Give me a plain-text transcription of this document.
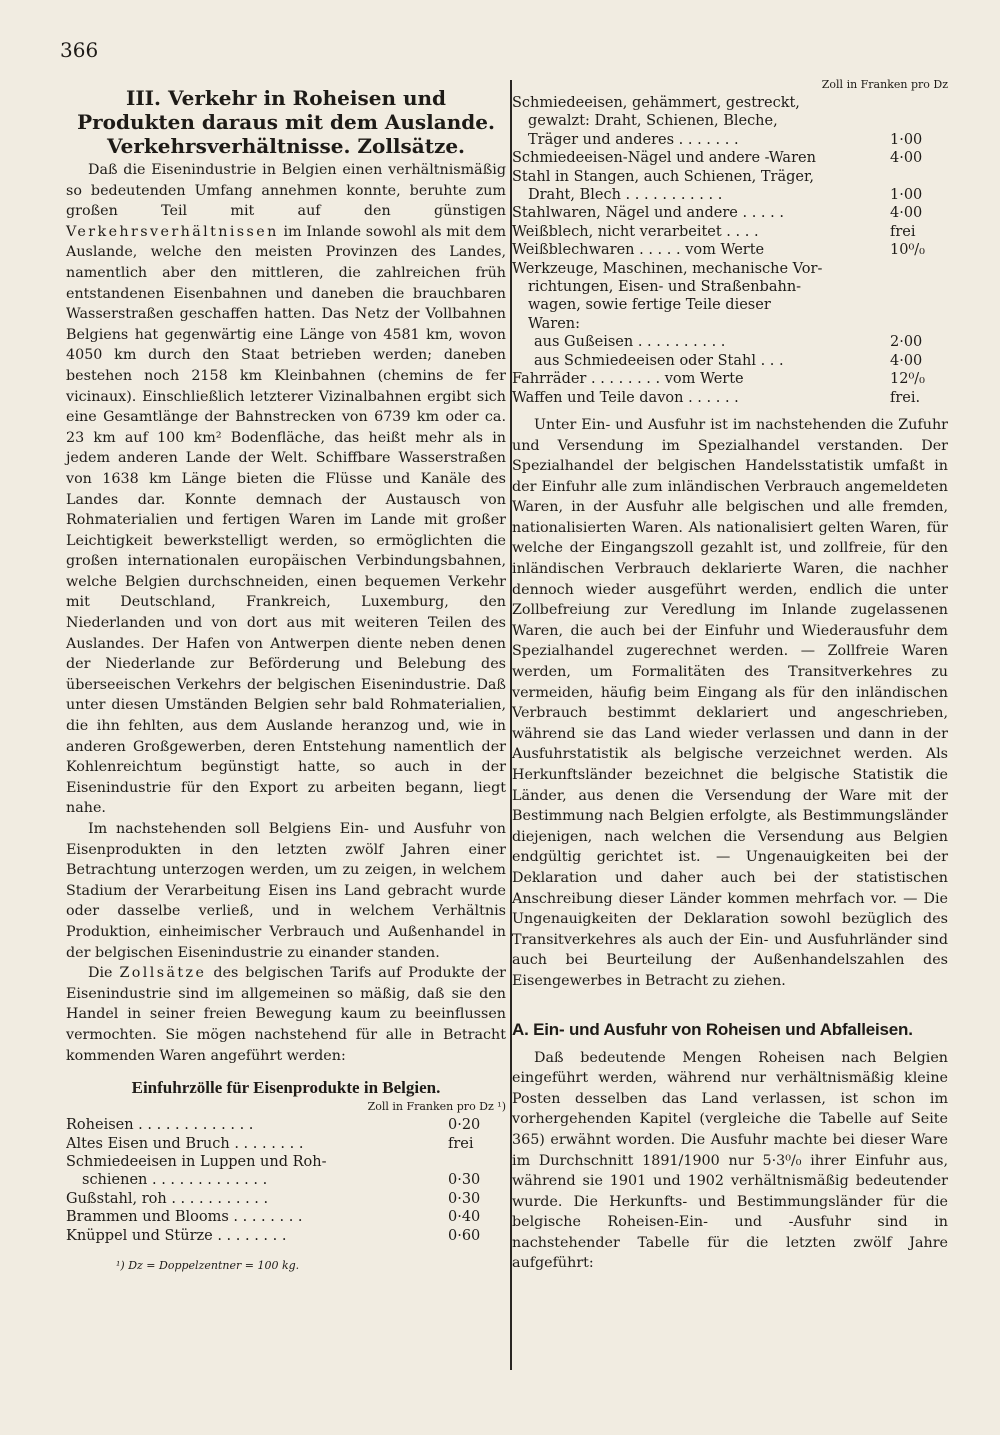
366
III. Verkehr in Roheisen und Produkten daraus mit dem Auslande. Verkehrsverhältnisse. Zollsätze.

Daß die Eisenindustrie in Belgien einen verhältnismäßig so bedeutenden Umfang annehmen konnte, beruhte zum großen Teil mit auf den günstigen Verkehrsverhältnissen im Inlande sowohl als mit dem Auslande, welche den meisten Provinzen des Landes, namentlich aber den mittleren, die zahlreichen früh entstandenen Eisenbahnen und daneben die brauchbaren Wasserstraßen geschaffen hatten. Das Netz der Vollbahnen Belgiens hat gegenwärtig eine Länge von 4581 km, wovon 4050 km durch den Staat betrieben werden; daneben bestehen noch 2158 km Kleinbahnen (chemins de fer vicinaux). Einschließlich letzterer Vizinalbahnen ergibt sich eine Gesamtlänge der Bahnstrecken von 6739 km oder ca. 23 km auf 100 km² Bodenfläche, das heißt mehr als in jedem anderen Lande der Welt. Schiffbare Wasserstraßen von 1638 km Länge bieten die Flüsse und Kanäle des Landes dar. Konnte demnach der Austausch von Rohmaterialien und fertigen Waren im Lande mit großer Leichtigkeit bewerkstelligt werden, so ermöglichten die großen internationalen europäischen Verbindungsbahnen, welche Belgien durchschneiden, einen bequemen Verkehr mit Deutschland, Frankreich, Luxemburg, den Niederlanden und von dort aus mit weiteren Teilen des Auslandes. Der Hafen von Antwerpen diente neben denen der Niederlande zur Beförderung und Belebung des überseeischen Verkehrs der belgischen Eisenindustrie. Daß unter diesen Umständen Belgien sehr bald Rohmaterialien, die ihn fehlten, aus dem Auslande heranzog und, wie in anderen Großgewerben, deren Entstehung namentlich der Kohlenreichtum begünstigt hatte, so auch in der Eisenindustrie für den Export zu arbeiten begann, liegt nahe.

Im nachstehenden soll Belgiens Ein- und Ausfuhr von Eisenprodukten in den letzten zwölf Jahren einer Betrachtung unterzogen werden, um zu zeigen, in welchem Stadium der Verarbeitung Eisen ins Land gebracht wurde oder dasselbe verließ, und in welchem Verhältnis Produktion, einheimischer Verbrauch und Außenhandel in der belgischen Eisenindustrie zu einander standen.

Die Zollsätze des belgischen Tarifs auf Produkte der Eisenindustrie sind im allgemeinen so mäßig, daß sie den Handel in seiner freien Bewegung kaum zu beeinflussen vermochten. Sie mögen nachstehend für alle in Betracht kommenden Waren angeführt werden:

Einfuhrzölle für Eisenprodukte in Belgien.
Zoll in Franken pro Dz ¹)
Roheisen . . . . . . . . . . . . .	0·20
Altes Eisen und Bruch . . . . . . . .	frei
Schmiedeeisen in Luppen und Roh-
schienen . . . . . . . . . . . . .	0·30
Gußstahl, roh . . . . . . . . . . .	0·30
Brammen und Blooms . . . . . . . .	0·40
Knüppel und Stürze . . . . . . . .	0·60
¹) Dz = Doppelzentner = 100 kg.
Zoll in Franken pro Dz
Schmiedeeisen, gehämmert, gestreckt,
gewalzt: Draht, Schienen, Bleche,
Träger und anderes . . . . . . .	1·00
Schmiedeeisen-Nägel und andere -Waren	4·00
Stahl in Stangen, auch Schienen, Träger,
Draht, Blech . . . . . . . . . . .	1·00
Stahlwaren, Nägel und andere . . . . .	4·00
Weißblech, nicht verarbeitet . . . .	frei
Weißblechwaren . . . . . vom Werte	10⁰/₀
Werkzeuge, Maschinen, mechanische Vor-
richtungen, Eisen- und Straßenbahn-
wagen, sowie fertige Teile dieser
Waren:
aus Gußeisen . . . . . . . . . .	2·00
aus Schmiedeeisen oder Stahl . . .	4·00
Fahrräder . . . . . . . . vom Werte	12⁰/₀
Waffen und Teile davon . . . . . .	frei.

Unter Ein- und Ausfuhr ist im nachstehenden die Zufuhr und Versendung im Spezialhandel verstanden. Der Spezialhandel der belgischen Handelsstatistik umfaßt in der Einfuhr alle zum inländischen Verbrauch angemeldeten Waren, in der Ausfuhr alle belgischen und alle fremden, nationalisierten Waren. Als nationalisiert gelten Waren, für welche der Eingangszoll gezahlt ist, und zollfreie, für den inländischen Verbrauch deklarierte Waren, die nachher dennoch wieder ausgeführt werden, endlich die unter Zollbefreiung zur Veredlung im Inlande zugelassenen Waren, die auch bei der Einfuhr und Wiederausfuhr dem Spezialhandel zugerechnet werden. — Zollfreie Waren werden, um Formalitäten des Transitverkehres zu vermeiden, häufig beim Eingang als für den inländischen Verbrauch bestimmt deklariert und angeschrieben, während sie das Land wieder verlassen und dann in der Ausfuhrstatistik als belgische verzeichnet werden. Als Herkunftsländer bezeichnet die belgische Statistik die Länder, aus denen die Versendung der Ware mit der Bestimmung nach Belgien erfolgte, als Bestimmungsländer diejenigen, nach welchen die Versendung aus Belgien endgültig gerichtet ist. — Ungenauigkeiten bei der Deklaration und daher auch bei der statistischen Anschreibung dieser Länder kommen mehrfach vor. — Die Ungenauigkeiten der Deklaration sowohl bezüglich des Transitverkehres als auch der Ein- und Ausfuhrländer sind auch bei Beurteilung der Außenhandelszahlen des Eisengewerbes in Betracht zu ziehen.

A. Ein- und Ausfuhr von Roheisen und Abfalleisen.

Daß bedeutende Mengen Roheisen nach Belgien eingeführt werden, während nur verhältnismäßig kleine Posten desselben das Land verlassen, ist schon im vorhergehenden Kapitel (vergleiche die Tabelle auf Seite 365) erwähnt worden. Die Ausfuhr machte bei dieser Ware im Durchschnitt 1891/1900 nur 5·3⁰/₀ ihrer Einfuhr aus, während sie 1901 und 1902 verhältnismäßig bedeutender wurde. Die Herkunfts- und Bestimmungsländer für die belgische Roheisen-Ein- und -Ausfuhr sind in nachstehender Tabelle für die letzten zwölf Jahre aufgeführt:
